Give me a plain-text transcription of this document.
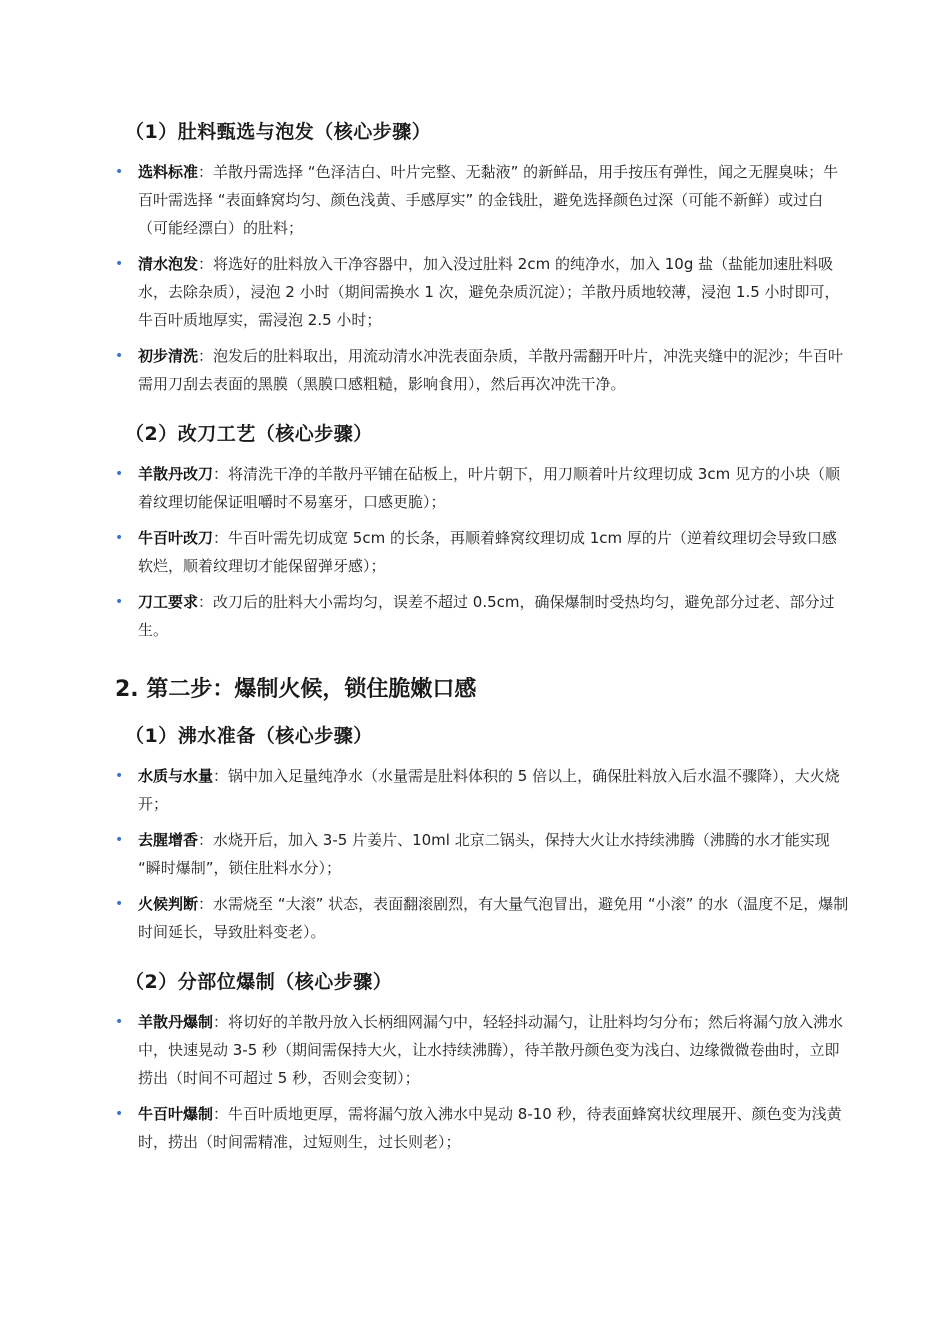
（1）肚料甄选与泡发（核心步骤）
• 选料标准：羊散丹需选择 “色泽洁白、叶片完整、无黏液” 的新鲜品，用手按压有弹性，闻之无腥臭味；牛百叶需选择 “表面蜂窝均匀、颜色浅黄、手感厚实” 的金钱肚，避免选择颜色过深（可能不新鲜）或过白（可能经漂白）的肚料；
• 清水泡发：将选好的肚料放入干净容器中，加入没过肚料 2cm 的纯净水，加入 10g 盐（盐能加速肚料吸水，去除杂质），浸泡 2 小时（期间需换水 1 次，避免杂质沉淀）；羊散丹质地较薄，浸泡 1.5 小时即可，牛百叶质地厚实，需浸泡 2.5 小时；
• 初步清洗：泡发后的肚料取出，用流动清水冲洗表面杂质，羊散丹需翻开叶片，冲洗夹缝中的泥沙；牛百叶需用刀刮去表面的黑膜（黑膜口感粗糙，影响食用），然后再次冲洗干净。
（2）改刀工艺（核心步骤）
• 羊散丹改刀：将清洗干净的羊散丹平铺在砧板上，叶片朝下，用刀顺着叶片纹理切成 3cm 见方的小块（顺着纹理切能保证咀嚼时不易塞牙，口感更脆）；
• 牛百叶改刀：牛百叶需先切成宽 5cm 的长条，再顺着蜂窝纹理切成 1cm 厚的片（逆着纹理切会导致口感软烂，顺着纹理切才能保留弹牙感）；
• 刀工要求：改刀后的肚料大小需均匀，误差不超过 0.5cm，确保爆制时受热均匀，避免部分过老、部分过生。
2. 第二步：爆制火候，锁住脆嫩口感
（1）沸水准备（核心步骤）
• 水质与水量：锅中加入足量纯净水（水量需是肚料体积的 5 倍以上，确保肚料放入后水温不骤降），大火烧开；
• 去腥增香：水烧开后，加入 3-5 片姜片、10ml 北京二锅头，保持大火让水持续沸腾（沸腾的水才能实现 “瞬时爆制”，锁住肚料水分）；
• 火候判断：水需烧至 “大滚” 状态，表面翻滚剧烈，有大量气泡冒出，避免用 “小滚” 的水（温度不足，爆制时间延长，导致肚料变老）。
（2）分部位爆制（核心步骤）
• 羊散丹爆制：将切好的羊散丹放入长柄细网漏勺中，轻轻抖动漏勺，让肚料均匀分布；然后将漏勺放入沸水中，快速晃动 3-5 秒（期间需保持大火，让水持续沸腾），待羊散丹颜色变为浅白、边缘微微卷曲时，立即捞出（时间不可超过 5 秒，否则会变韧）；
• 牛百叶爆制：牛百叶质地更厚，需将漏勺放入沸水中晃动 8-10 秒，待表面蜂窝状纹理展开、颜色变为浅黄时，捞出（时间需精准，过短则生，过长则老）；
